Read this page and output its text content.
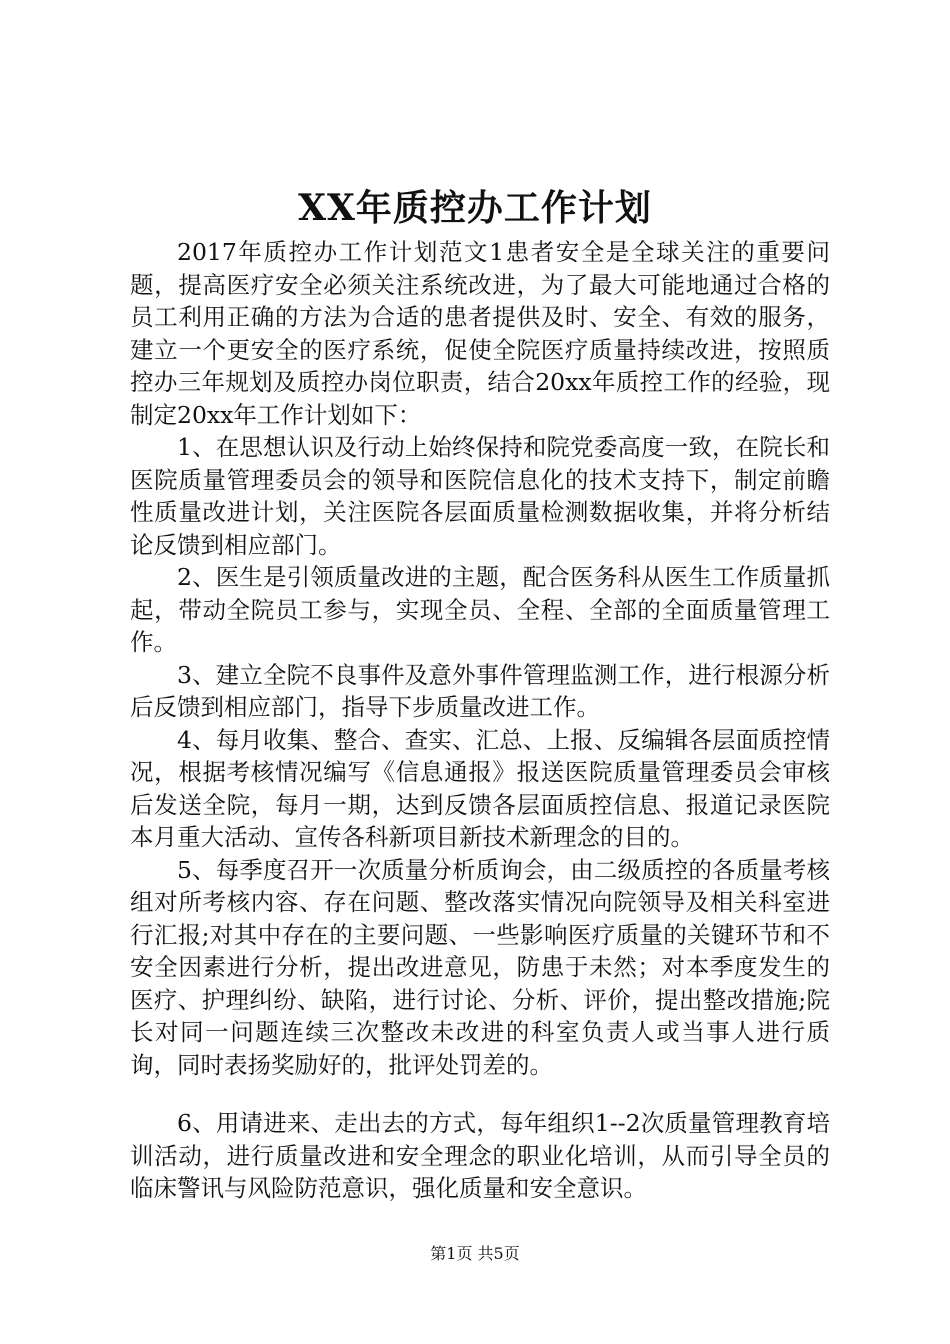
XX年质控办工作计划

2017年质控办工作计划范文1患者安全是全球关注的重要问题，提高医疗安全必须关注系统改进，为了最大可能地通过合格的员工利用正确的方法为合适的患者提供及时、安全、有效的服务，建立一个更安全的医疗系统，促使全院医疗质量持续改进，按照质控办三年规划及质控办岗位职责，结合20xx年质控工作的经验，现制定20xx年工作计划如下：

1、在思想认识及行动上始终保持和院党委高度一致，在院长和医院质量管理委员会的领导和医院信息化的技术支持下，制定前瞻性质量改进计划，关注医院各层面质量检测数据收集，并将分析结论反馈到相应部门。

2、医生是引领质量改进的主题，配合医务科从医生工作质量抓起，带动全院员工参与，实现全员、全程、全部的全面质量管理工作。

3、建立全院不良事件及意外事件管理监测工作，进行根源分析后反馈到相应部门，指导下步质量改进工作。

4、每月收集、整合、查实、汇总、上报、反编辑各层面质控情况，根据考核情况编写《信息通报》报送医院质量管理委员会审核后发送全院，每月一期，达到反馈各层面质控信息、报道记录医院本月重大活动、宣传各科新项目新技术新理念的目的。

5、每季度召开一次质量分析质询会，由二级质控的各质量考核组对所考核内容、存在问题、整改落实情况向院领导及相关科室进行汇报;对其中存在的主要问题、一些影响医疗质量的关键环节和不安全因素进行分析，提出改进意见，防患于未然；对本季度发生的医疗、护理纠纷、缺陷，进行讨论、分析、评价，提出整改措施;院长对同一问题连续三次整改未改进的科室负责人或当事人进行质询，同时表扬奖励好的，批评处罚差的。

6、用请进来、走出去的方式，每年组织1--2次质量管理教育培训活动，进行质量改进和安全理念的职业化培训，从而引导全员的临床警讯与风险防范意识，强化质量和安全意识。

第1页 共5页
